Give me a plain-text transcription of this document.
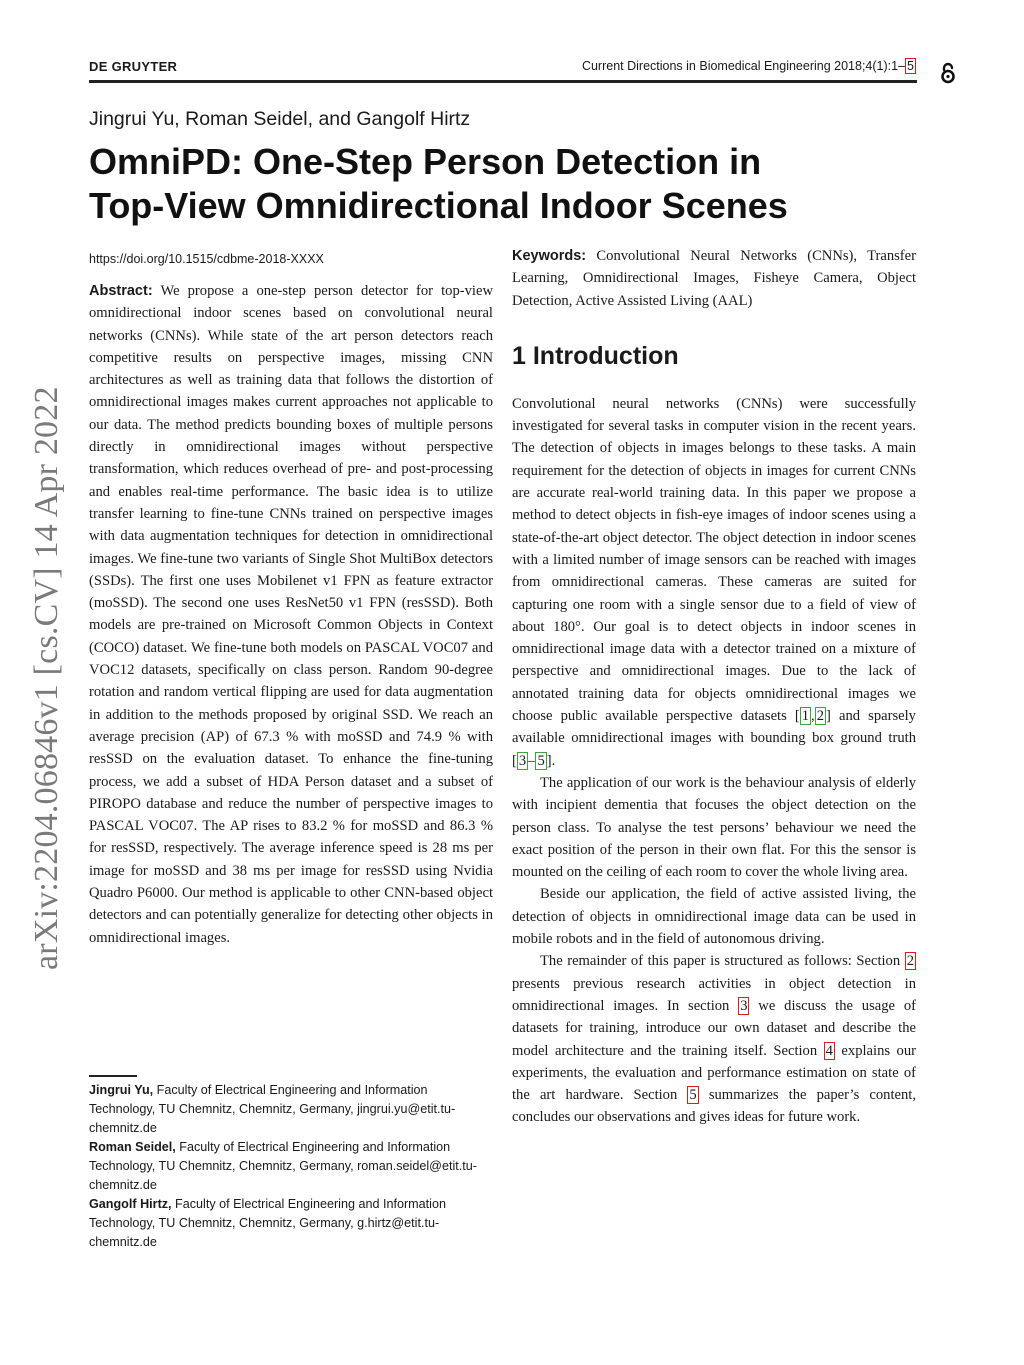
DE GRUYTER	Current Directions in Biomedical Engineering 2018;4(1):1– 5
arXiv:2204.06846v1 [cs.CV] 14 Apr 2022
Jingrui Yu, Roman Seidel, and Gangolf Hirtz
OmniPD: One-Step Person Detection in
Top-View Omnidirectional Indoor Scenes
https://doi.org/10.1515/cdbme-2018-XXXX

Abstract: We propose a one-step person detector for top-view omnidirectional indoor scenes based on convolutional neural networks (CNNs). While state of the art person detectors reach competitive results on perspective images, missing CNN architectures as well as training data that follows the distortion of omnidirectional images makes current approaches not applicable to our data. The method predicts bounding boxes of multiple persons directly in omnidirectional images without perspective transformation, which reduces overhead of pre- and post-processing and enables real-time performance. The basic idea is to utilize transfer learning to fine-tune CNNs trained on perspective images with data augmentation techniques for detection in omnidirectional images. We fine-tune two variants of Single Shot MultiBox detectors (SSDs). The first one uses Mobilenet v1 FPN as feature extractor (moSSD). The second one uses ResNet50 v1 FPN (resSSD). Both models are pre-trained on Microsoft Common Objects in Context (COCO) dataset. We fine-tune both models on PASCAL VOC07 and VOC12 datasets, specifically on class person. Random 90-degree rotation and random vertical flipping are used for data augmentation in addition to the methods proposed by original SSD. We reach an average precision (AP) of 67.3 % with moSSD and 74.9 % with resSSD on the evaluation dataset. To enhance the fine-tuning process, we add a subset of HDA Person dataset and a subset of PIROPO database and reduce the number of perspective images to PASCAL VOC07. The AP rises to 83.2 % for moSSD and 86.3 % for resSSD, respectively. The average inference speed is 28 ms per image for moSSD and 38 ms per image for resSSD using Nvidia Quadro P6000. Our method is applicable to other CNN-based object detectors and can potentially generalize for detecting other objects in omnidirectional images.

Keywords: Convolutional Neural Networks (CNNs), Transfer Learning, Omnidirectional Images, Fisheye Camera, Object Detection, Active Assisted Living (AAL)

1 Introduction

Convolutional neural networks (CNNs) were successfully investigated for several tasks in computer vision in the recent years. The detection of objects in images belongs to these tasks. A main requirement for the detection of objects in images for current CNNs are accurate real-world training data. In this paper we propose a method to detect objects in fish-eye images of indoor scenes using a state-of-the-art object detector. The object detection in indoor scenes with a limited number of image sensors can be reached with images from omnidirectional cameras. These cameras are suited for capturing one room with a single sensor due to a field of view of about 180°. Our goal is to detect objects in indoor scenes in omnidirectional image data with a detector trained on a mixture of perspective and omnidirectional images. Due to the lack of annotated training data for objects omnidirectional images we choose public available perspective datasets [ 1 , 2 ] and sparsely available omnidirectional images with bounding box ground truth [ 3 – 5 ].

The application of our work is the behaviour analysis of elderly with incipient dementia that focuses the object detection on the person class. To analyse the test persons’ behaviour we need the exact position of the person in their own flat. For this the sensor is mounted on the ceiling of each room to cover the whole living area.

Beside our application, the field of active assisted living, the detection of objects in omnidirectional image data can be used in mobile robots and in the field of autonomous driving.

The remainder of this paper is structured as follows: Section 2 presents previous research activities in object detection in omnidirectional images. In section 3 we discuss the usage of datasets for training, introduce our own dataset and describe the model architecture and the training itself. Section 4 explains our experiments, the evaluation and performance estimation on state of the art hardware. Section 5 summarizes the paper’s content, concludes our observations and gives ideas for future work.

Jingrui Yu, Faculty of Electrical Engineering and Information Technology, TU Chemnitz, Chemnitz, Germany, jingrui.yu@etit.tu-chemnitz.de

Roman Seidel, Faculty of Electrical Engineering and Information Technology, TU Chemnitz, Chemnitz, Germany, roman.seidel@etit.tu-chemnitz.de

Gangolf Hirtz, Faculty of Electrical Engineering and Information Technology, TU Chemnitz, Chemnitz, Germany, g.hirtz@etit.tu-chemnitz.de
